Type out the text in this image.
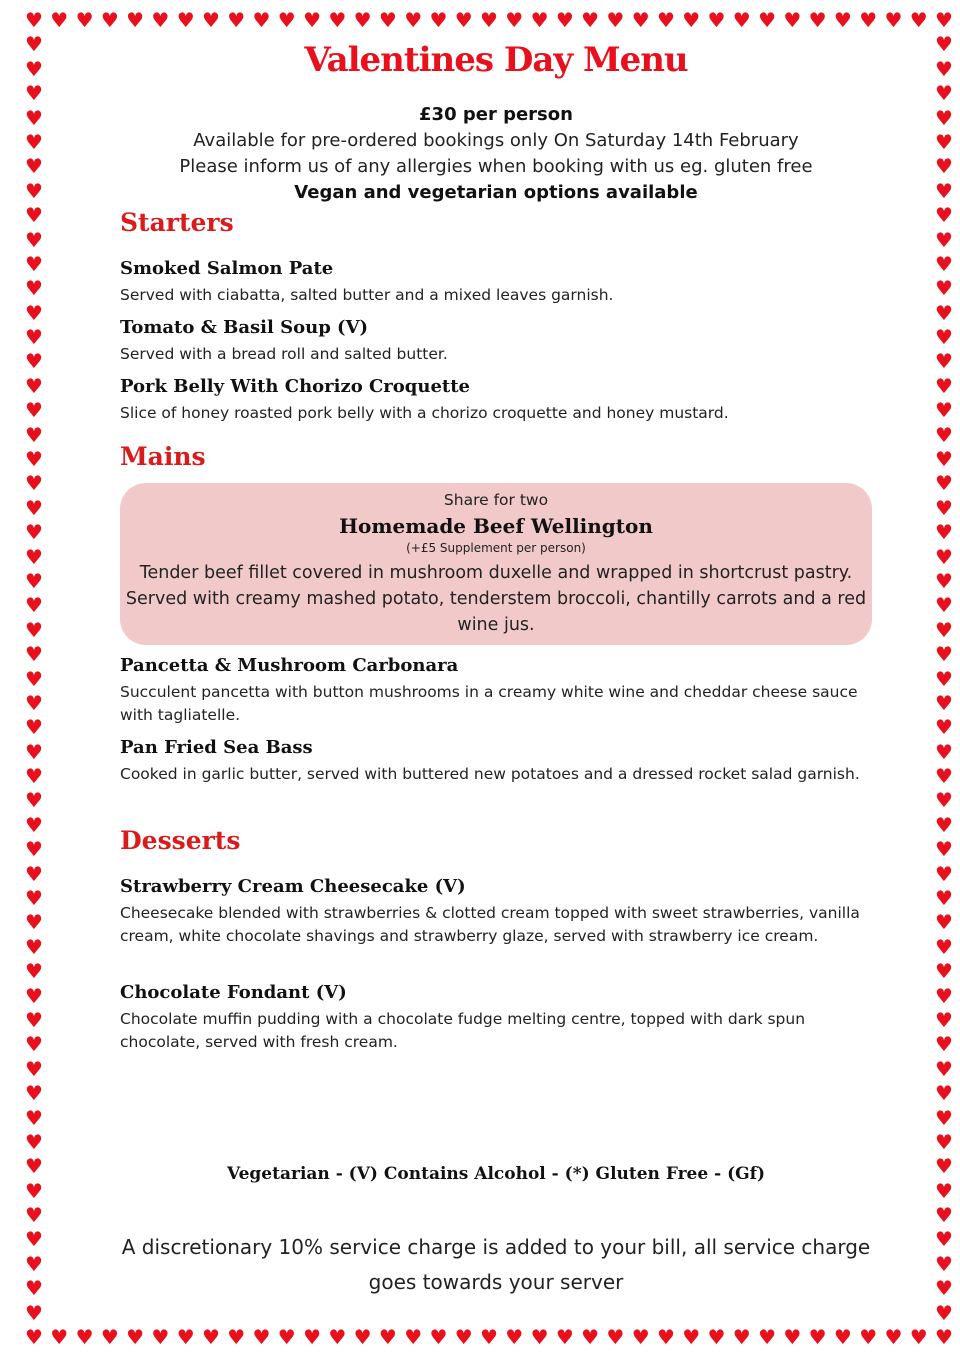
♥
♥
♥
♥
♥
♥
♥
♥
♥
♥
♥
♥
♥
♥
♥
♥
♥
♥
♥
♥
♥
♥
♥
♥
♥
♥
♥
♥
♥
♥
♥
♥
♥
♥
♥
♥
♥
♥
♥
♥
♥
♥
♥
♥
♥
♥
♥
♥
♥
♥
♥
♥
♥
♥
♥
♥
♥
♥
♥
♥
♥
♥
♥
♥
♥
♥
♥
♥
♥
♥
♥
♥
♥
♥
♥	♥
♥	♥
♥	♥
♥	♥
♥	♥
♥	♥
♥	♥
♥	♥
♥	♥
♥	♥
♥	♥
♥	♥
♥	♥
♥	♥
♥	♥
♥	♥
♥	♥
♥	♥
♥	♥
♥	♥
♥	♥
♥	♥
♥	♥
♥	♥
♥	♥
♥	♥
♥	♥
♥	♥
♥	♥
♥	♥
♥	♥
♥	♥
♥	♥
♥	♥
♥	♥
♥	♥
♥	♥
♥	♥
♥	♥
♥	♥
♥	♥
♥	♥
♥	♥
♥	♥
♥	♥
♥	♥
♥	♥
♥	♥
♥	♥
♥	♥
♥	♥
♥	♥
♥	♥
Valentines Day Menu
£30 per person
Available for pre-ordered bookings only On Saturday 14th February
Please inform us of any allergies when booking with us eg. gluten free
Vegan and vegetarian options available
Starters
Smoked Salmon Pate
Served with ciabatta, salted butter and a mixed leaves garnish.
Tomato & Basil Soup (V)
Served with a bread roll and salted butter.
Pork Belly With Chorizo Croquette
Slice of honey roasted pork belly with a chorizo croquette and honey mustard.
Mains
Share for two
Homemade Beef Wellington
(+£5 Supplement per person)
Tender beef fillet covered in mushroom duxelle and wrapped in shortcrust pastry. Served with creamy mashed potato, tenderstem broccoli, chantilly carrots and a red wine jus.
Pancetta & Mushroom Carbonara
Succulent pancetta with button mushrooms in a creamy white wine and cheddar cheese sauce with tagliatelle.
Pan Fried Sea Bass
Cooked in garlic butter, served with buttered new potatoes and a dressed rocket salad garnish.
Desserts
Strawberry Cream Cheesecake (V)
Cheesecake blended with strawberries & clotted cream topped with sweet strawberries, vanilla cream, white chocolate shavings and strawberry glaze, served with strawberry ice cream.
Chocolate Fondant (V)
Chocolate muffin pudding with a chocolate fudge melting centre, topped with dark spun chocolate, served with fresh cream.
Vegetarian - (V) Contains Alcohol - (*) Gluten Free - (Gf)
A discretionary 10% service charge is added to your bill, all service charge goes towards your server
